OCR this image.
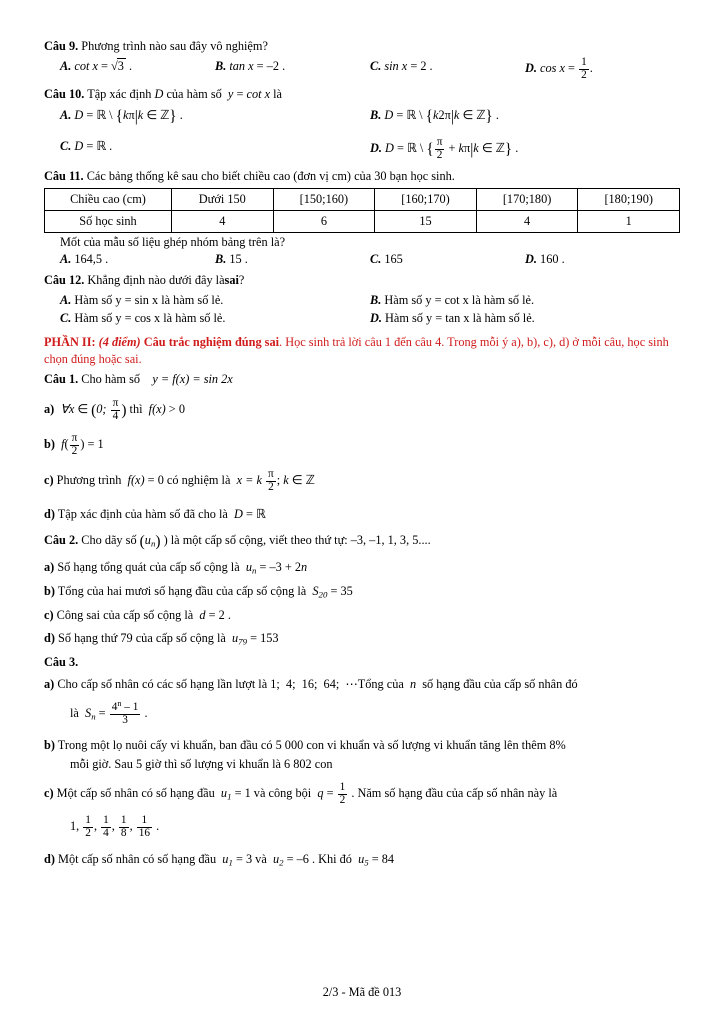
Câu 9. Phương trình nào sau đây vô nghiệm?
A. cot x = √3 .	B. tan x = –2 .	C. sin x = 2 .	D. $\cos x = \frac{1}{2}$ .
Câu 10. Tập xác định D của hàm số  y = cot x là
A. D = ℝ \ {kπ|k ∈ ℤ} .	B. D = ℝ \ {k2π|k ∈ ℤ} .
C. D = ℝ .	D. D = ℝ \ { $\frac{\pi}{2} + k\pi|k$ ∈ ℤ} .
Câu 11. Các bảng thống kê sau cho biết chiều cao (đơn vị cm) của 30 bạn học sinh.
Chiều cao (cm)	Dưới 150	[150;160)	[160;170)	[170;180)	[180;190)
Số học sinh	4	6	15	4	1
Mốt của mẫu số liệu ghép nhóm bảng trên là?
A. 164,5 .	B. 15 .	C. 165	D. 160 .
Câu 12. Khẳng định nào dưới đây làsai?
A. Hàm số y = sin x là hàm số lẻ.	B. Hàm số y = cot x là hàm số lẻ.
C. Hàm số y = cos x là hàm số lẻ.	D. Hàm số y = tan x là hàm số lẻ.
PHẦN II: (4 điểm) Câu trắc nghiệm đúng sai. Học sinh trả lời câu 1 đến câu 4. Trong mỗi ý a), b), c), d) ở mỗi câu, học sinh chọn đúng hoặc sai.
Câu 1. Cho hàm số    y = f(x) = sin 2x
a)  ∀x ∈ (0; $\frac{\pi}{4}$ ) thì  f(x) > 0
b)  $f( \frac{\pi}{2}$ ) = 1
c) Phương trình  f(x) = 0 có nghiệm là  x = k $\frac{\pi}{2}$ ; k ∈ ℤ
d) Tập xác định của hàm số đã cho là  D = ℝ
Câu 2. Cho dãy số $(u_n)$ ) là một cấp số cộng, viết theo thứ tự: –3, –1, 1, 3, 5....
a) Số hạng tổng quát của cấp số cộng là  $u_n = -3 + 2n$
b) Tổng của hai mươi số hạng đầu của cấp số cộng là  $S_{20} = 35$
c) Công sai của cấp số cộng là  d = 2 .
d) Số hạng thứ 79 của cấp số cộng là  $u_{79} = 153$
Câu 3.
a) Cho cấp số nhân có các số hạng lần lượt là 1;  4;  16;  64;  ⋯Tổng của  n  số hạng đầu của cấp số nhân đó
là  $S_n = \frac{4^n - 1}{3}$ .
b) Trong một lọ nuôi cấy vi khuẩn, ban đầu có 5 000 con vi khuẩn và số lượng vi khuẩn tăng lên thêm 8%
mỗi giờ. Sau 5 giờ thì số lượng vi khuẩn là 6 802 con
c) Một cấp số nhân có số hạng đầu  $u_1 = 1$ và công bội  $q = \frac{1}{2}$ . Năm số hạng đầu của cấp số nhân này là
1, $\frac{1}{2}$ , $\frac{1}{4}$ , $\frac{1}{8}$ , $\frac{1}{16}$ .
d) Một cấp số nhân có số hạng đầu  $u_1 = 3$ và  $u_2 = -6$ . Khi đó  $u_5 = 84$
2/3 - Mã đề 013
